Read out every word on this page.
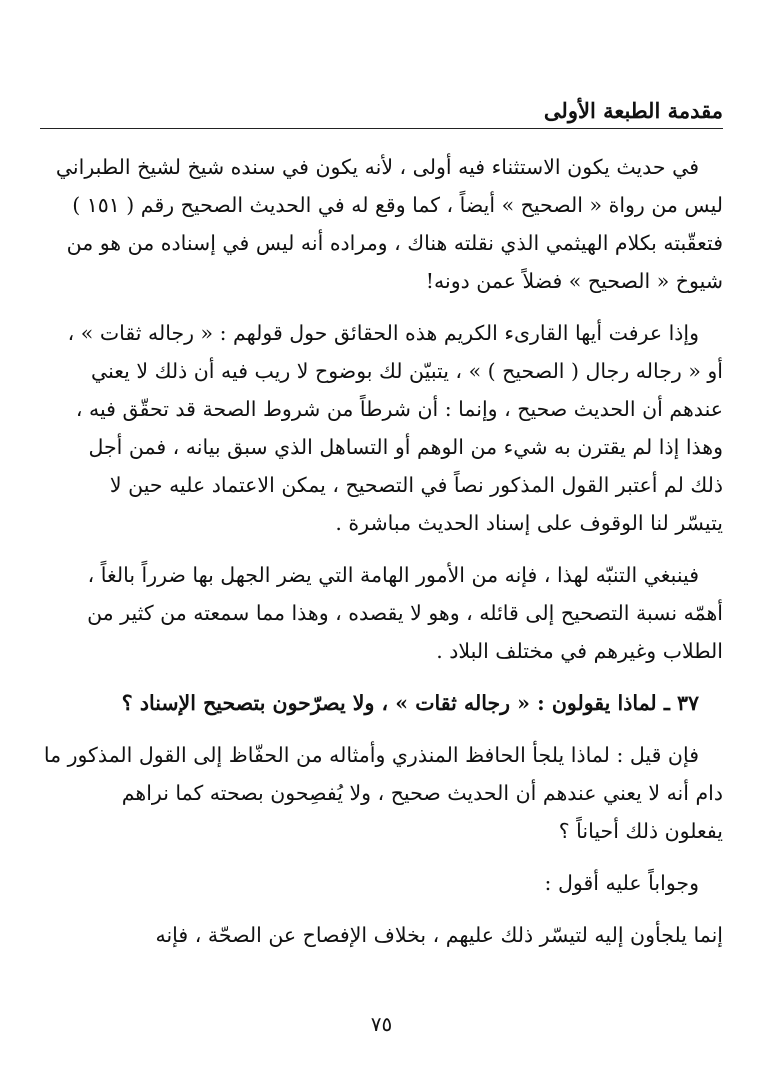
مقدمة الطبعة الأولى
في حديث يكون الاستثناء فيه أولى ، لأنه يكون في سنده شيخ لشيخ الطبراني
ليس من رواة « الصحيح » أيضاً ، كما وقع له في الحديث الصحيح رقم ( ١٥١ )
فتعقّبته بكلام الهيثمي الذي نقلته هناك ، ومراده أنه ليس في إسناده من هو من
شيوخ « الصحيح » فضلاً عمن دونه!
وإذا عرفت أيها القارىء الكريم هذه الحقائق حول قولهم : « رجاله ثقات » ،
أو « رجاله رجال ( الصحيح ) » ، يتبيّن لك بوضوح لا ريب فيه أن ذلك لا يعني
عندهم أن الحديث صحيح ، وإنما : أن شرطاً من شروط الصحة قد تحقّق فيه ،
وهذا إذا لم يقترن به شيء من الوهم أو التساهل الذي سبق بيانه ، فمن أجل
ذلك لم أعتبر القول المذكور نصاً في التصحيح ، يمكن الاعتماد عليه حين لا
يتيسّر لنا الوقوف على إسناد الحديث مباشرة .
فينبغي التنبّه لهذا ، فإنه من الأمور الهامة التي يضر الجهل بها ضرراً بالغاً ،
أهمّه نسبة التصحيح إلى قائله ، وهو لا يقصده ، وهذا مما سمعته من كثير من
الطلاب وغيرهم في مختلف البلاد .
٣٧ ـ لماذا يقولون : « رجاله ثقات » ، ولا يصرّحون بتصحيح الإسناد ؟
فإن قيل : لماذا يلجأ الحافظ المنذري وأمثاله من الحفّاظ إلى القول المذكور ما
دام أنه لا يعني عندهم أن الحديث صحيح ، ولا يُفصِحون بصحته كما نراهم
يفعلون ذلك أحياناً ؟
وجواباً عليه أقول :
إنما يلجأون إليه لتيسّر ذلك عليهم ، بخلاف الإفصاح عن الصحّة ، فإنه
٧٥
